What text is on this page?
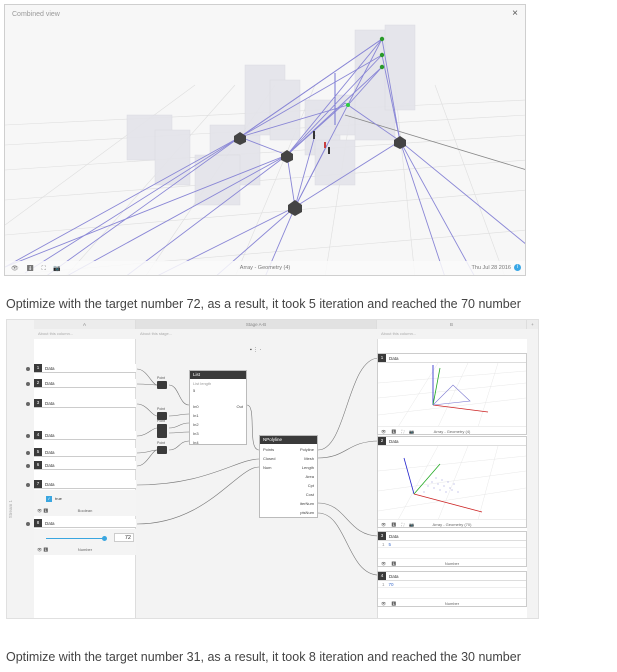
Combined view	×
👁 ⬇ ⛶ 📷	Array - Geometry (4)	Thu Jul 28 2016	i
Optimize with the target number 72, as a result, it took 5 iteration and reached the 70 number
Stream 1
A	Stage A-B	B	+
About this column...	About this stage...	About this column...
▪ ⋮ ·
1 Data
2 Data
3 Data
4 Data
5 Data
6 Data
7 Data
✓	true
👁 ⬇	Boolean
8 Data
72
👁 ⬇	Number
Point
Point
Point
Point
List
List length
5
In0
In1
In2
In3
In4
Out
NPolyline
Points
Closed
Num
Polyline
Mesh
Length
Area
Cpt
Cost
iterNum
ptsNum
1 Data
👁 ⬇ ⛶ 📷	Array - Geometry (4)
2 Data
👁 ⬇ ⛶ 📷	Array - Geometry (70)
3 Data
1 5
👁 ⬇	Number
4 Data
1 70
👁 ⬇	Number
Optimize with the target number 31, as a result, it took 8 iteration and reached the 30 number
